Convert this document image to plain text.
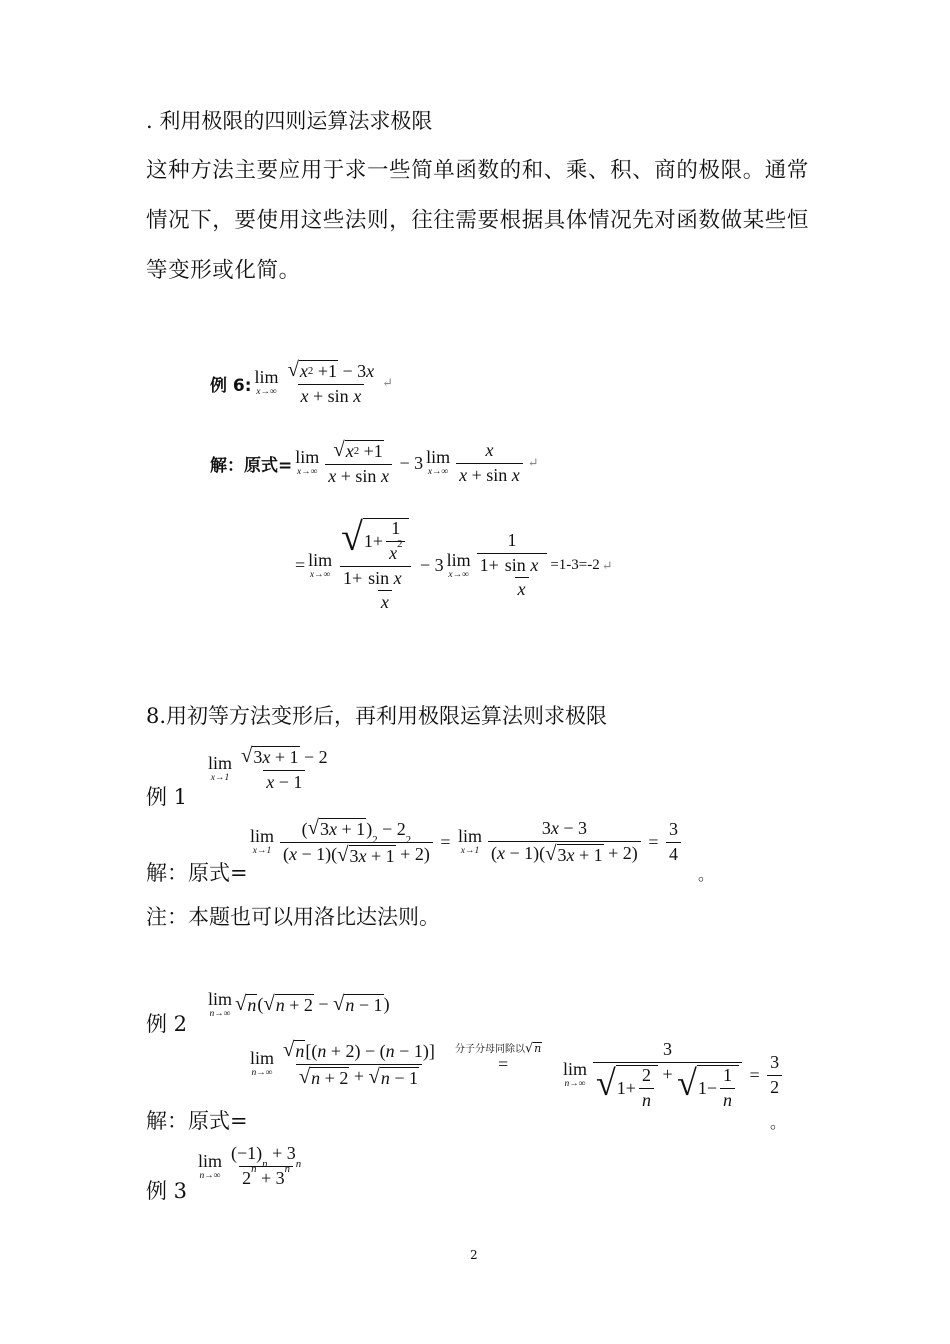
. 利用极限的四则运算法求极限
这种方法主要应用于求一些简单函数的和、乘、积、商的极限。通常
情况下，要使用这些法则，往往需要根据具体情况先对函数做某些恒
等变形或化简。
例 6: lim
$x\to\infty \frac{√ x 2 +1 - 3 x}{\text{x + sin x}}$ ↵
解：原式= lim
$x\to\infty \frac{√ x 2 +1}{\text{x + sin x}} - 3$ lim
$x\to\infty \frac{x}{\text{x + sin x}}$ ↵
= lim
$x\to\infty \frac{√ 1+ \frac{1}{x 2}}{1+ \frac{\text{sin x}}{x}} - 3$ lim
$x\to\infty \frac{1}{1+ \frac{\text{sin x}}{x}} =1-3=-2$ ↵
8.用初等方法变形后，再利用极限运算法则求极限
例 1
lim
$x\to 1 \frac{√ 3 x + 1 - 2}{x - 1}$
解：原式=
lim
x→1 ( √ 3 x + 1 )
2
− 2
2
( x − 1)( √ 3 x + 1 + 2) = lim
$x\to 1 \frac{3 x - 3}{( x - 1)( √ 3 x + 1 + 2)} = \frac{3}{4}$
。
注：本题也可以用洛比达法则。
例 2
lim
n→∞ √ n ( √ n + 2 − √ n − 1 )
解：原式=
lim
$n\to\infty \frac{√ n [( n + 2) - ( n - 1)]}{√ n + 2 + √ n - 1}$ 分子分母同除以 √ n
=	lim
$n\to\infty \frac{3}{√ 1+ \frac{2}{n} + √ 1- \frac{1}{n}} = \frac{3}{2}$
。
例 3
lim
n→∞ (−1)
n
+ 3
n
2 n + 3 n
2
